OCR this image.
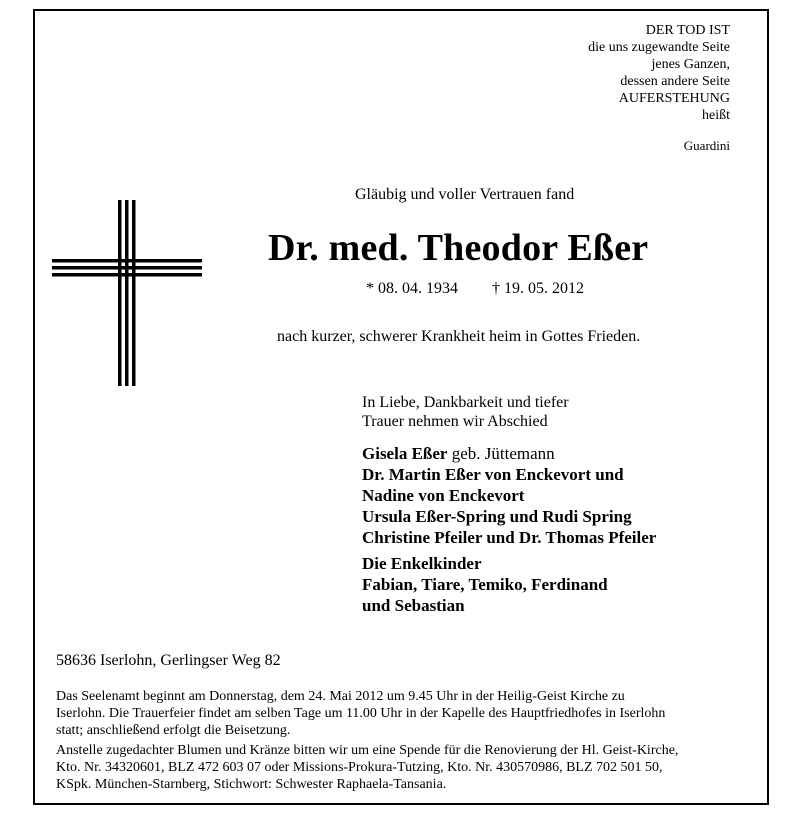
DER TOD IST
die uns zugewandte Seite
jenes Ganzen,
dessen andere Seite
AUFERSTEHUNG
heißt
Guardini
Gläubig und voller Vertrauen fand
Dr. med. Theodor Eßer
* 08. 04. 1934 † 19. 05. 2012
nach kurzer, schwerer Krankheit heim in Gottes Frieden.
In Liebe, Dankbarkeit und tiefer
Trauer nehmen wir Abschied
Gisela Eßer geb. Jüttemann
Dr. Martin Eßer von Enckevort und
Nadine von Enckevort
Ursula Eßer-Spring und Rudi Spring
Christine Pfeiler und Dr. Thomas Pfeiler
Die Enkelkinder
Fabian, Tiare, Temiko, Ferdinand
und Sebastian
58636 Iserlohn, Gerlingser Weg 82
Das Seelenamt beginnt am Donnerstag, dem 24. Mai 2012 um 9.45 Uhr in der Heilig-Geist Kirche zu
Iserlohn. Die Trauerfeier findet am selben Tage um 11.00 Uhr in der Kapelle des Hauptfriedhofes in Iserlohn
statt; anschließend erfolgt die Beisetzung.
Anstelle zugedachter Blumen und Kränze bitten wir um eine Spende für die Renovierung der Hl. Geist-Kirche,
Kto. Nr. 34320601, BLZ 472 603 07 oder Missions-Prokura-Tutzing, Kto. Nr. 430570986, BLZ 702 501 50,
KSpk. München-Starnberg, Stichwort: Schwester Raphaela-Tansania.
